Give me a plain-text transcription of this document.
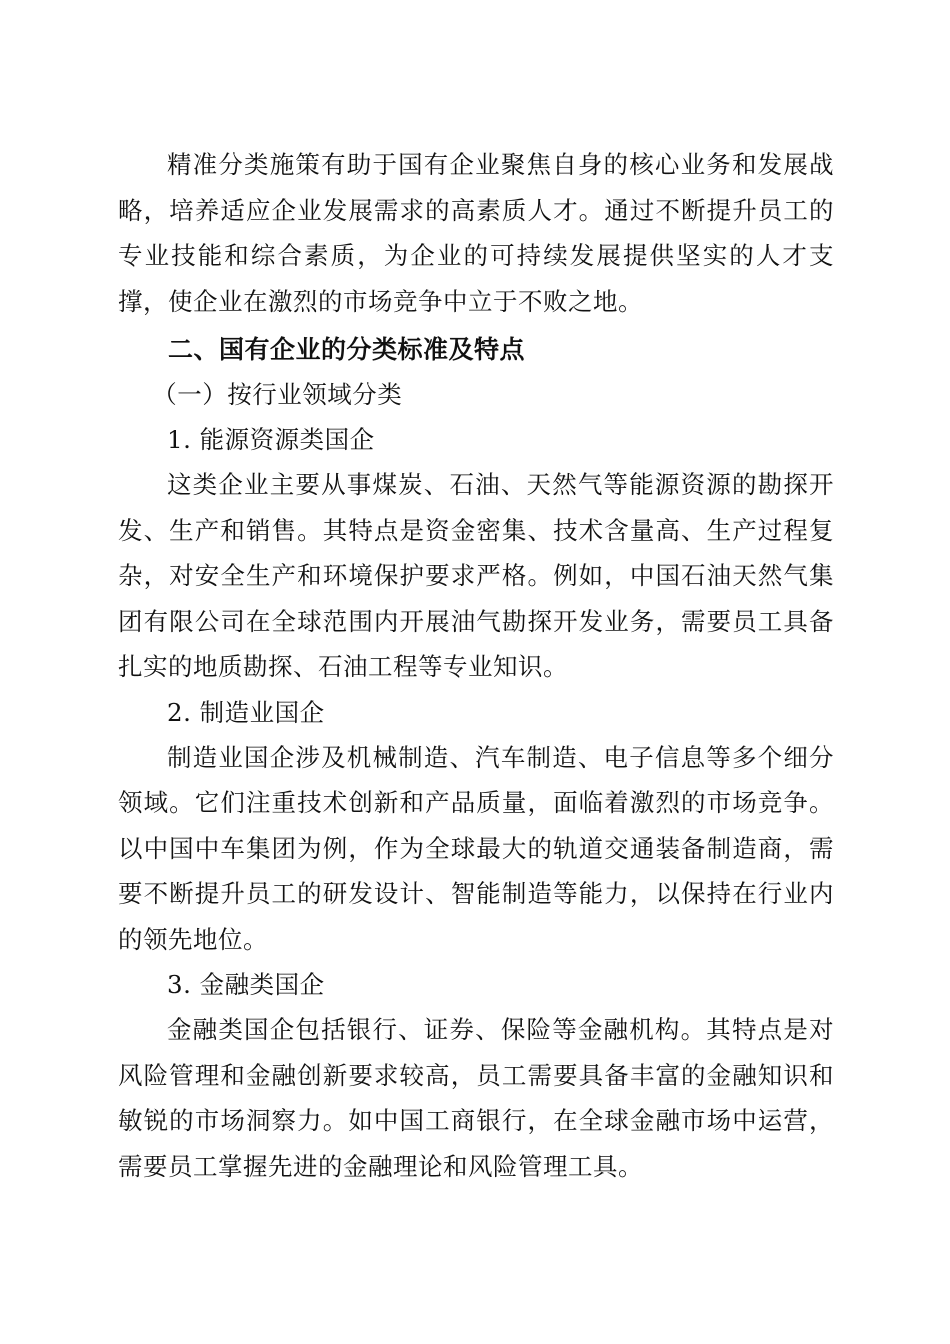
精准分类施策有助于国有企业聚焦自身的核心业务和发展战略，培养适应企业发展需求的高素质人才。通过不断提升员工的专业技能和综合素质，为企业的可持续发展提供坚实的人才支撑，使企业在激烈的市场竞争中立于不败之地。

二、国有企业的分类标准及特点

（一）按行业领域分类

1. 能源资源类国企

这类企业主要从事煤炭、石油、天然气等能源资源的勘探开发、生产和销售。其特点是资金密集、技术含量高、生产过程复杂，对安全生产和环境保护要求严格。例如，中国石油天然气集团有限公司在全球范围内开展油气勘探开发业务，需要员工具备扎实的地质勘探、石油工程等专业知识。

2. 制造业国企

制造业国企涉及机械制造、汽车制造、电子信息等多个细分领域。它们注重技术创新和产品质量，面临着激烈的市场竞争。以中国中车集团为例，作为全球最大的轨道交通装备制造商，需要不断提升员工的研发设计、智能制造等能力，以保持在行业内的领先地位。

3. 金融类国企

金融类国企包括银行、证券、保险等金融机构。其特点是对风险管理和金融创新要求较高，员工需要具备丰富的金融知识和敏锐的市场洞察力。如中国工商银行，在全球金融市场中运营，需要员工掌握先进的金融理论和风险管理工具。
